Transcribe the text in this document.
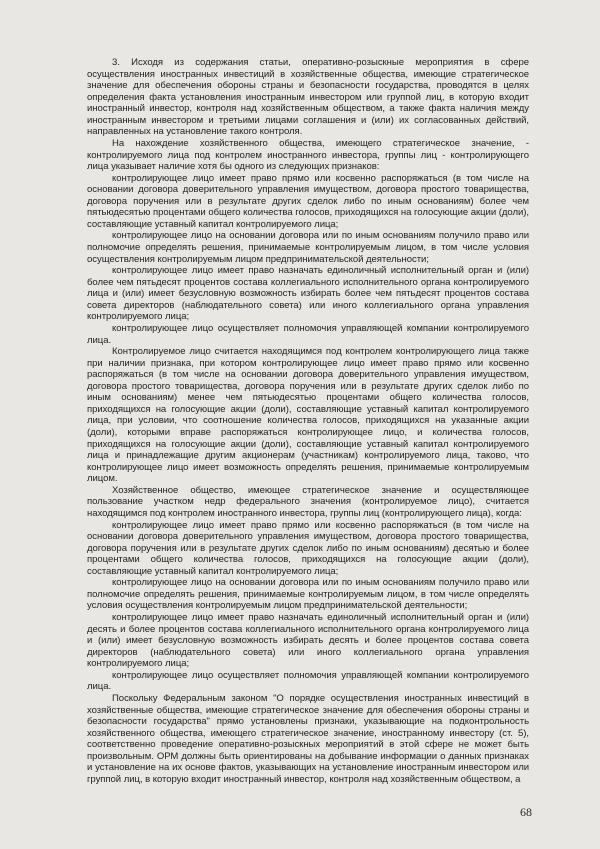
3. Исходя из содержания статьи, оперативно-розыскные мероприятия в сфере осуществления иностранных инвестиций в хозяйственные общества, имеющие стратегическое значение для обеспечения обороны страны и безопасности государства, проводятся в целях определения факта установления иностранным инвестором или группой лиц, в которую входит иностранный инвестор, контроля над хозяйственным обществом, а также факта наличия между иностранным инвестором и третьими лицами соглашения и (или) их согласованных действий, направленных на установление такого контроля.

На нахождение хозяйственного общества, имеющего стратегическое значение, - контролируемого лица под контролем иностранного инвестора, группы лиц - контролирующего лица указывает наличие хотя бы одного из следующих признаков:

контролирующее лицо имеет право прямо или косвенно распоряжаться (в том числе на основании договора доверительного управления имуществом, договора простого товарищества, договора поручения или в результате других сделок либо по иным основаниям) более чем пятьюдесятью процентами общего количества голосов, приходящихся на голосующие акции (доли), составляющие уставный капитал контролируемого лица;

контролирующее лицо на основании договора или по иным основаниям получило право или полномочие определять решения, принимаемые контролируемым лицом, в том числе условия осуществления контролируемым лицом предпринимательской деятельности;

контролирующее лицо имеет право назначать единоличный исполнительный орган и (или) более чем пятьдесят процентов состава коллегиального исполнительного органа контролируемого лица и (или) имеет безусловную возможность избирать более чем пятьдесят процентов состава совета директоров (наблюдательного совета) или иного коллегиального органа управления контролируемого лица;

контролирующее лицо осуществляет полномочия управляющей компании контролируемого лица.

Контролируемое лицо считается находящимся под контролем контролирующего лица также при наличии признака, при котором контролирующее лицо имеет право прямо или косвенно распоряжаться (в том числе на основании договора доверительного управления имуществом, договора простого товарищества, договора поручения или в результате других сделок либо по иным основаниям) менее чем пятьюдесятью процентами общего количества голосов, приходящихся на голосующие акции (доли), составляющие уставный капитал контролируемого лица, при условии, что соотношение количества голосов, приходящихся на указанные акции (доли), которыми вправе распоряжаться контролирующее лицо, и количества голосов, приходящихся на голосующие акции (доли), составляющие уставный капитал контролируемого лица и принадлежащие другим акционерам (участникам) контролируемого лица, таково, что контролирующее лицо имеет возможность определять решения, принимаемые контролируемым лицом.

Хозяйственное общество, имеющее стратегическое значение и осуществляющее пользование участком недр федерального значения (контролируемое лицо), считается находящимся под контролем иностранного инвестора, группы лиц (контролирующего лица), когда:

контролирующее лицо имеет право прямо или косвенно распоряжаться (в том числе на основании договора доверительного управления имуществом, договора простого товарищества, договора поручения или в результате других сделок либо по иным основаниям) десятью и более процентами общего количества голосов, приходящихся на голосующие акции (доли), составляющие уставный капитал контролируемого лица;

контролирующее лицо на основании договора или по иным основаниям получило право или полномочие определять решения, принимаемые контролируемым лицом, в том числе определять условия осуществления контролируемым лицом предпринимательской деятельности;

контролирующее лицо имеет право назначать единоличный исполнительный орган и (или) десять и более процентов состава коллегиального исполнительного органа контролируемого лица и (или) имеет безусловную возможность избирать десять и более процентов состава совета директоров (наблюдательного совета) или иного коллегиального органа управления контролируемого лица;

контролирующее лицо осуществляет полномочия управляющей компании контролируемого лица.

Поскольку Федеральным законом "О порядке осуществления иностранных инвестиций в хозяйственные общества, имеющие стратегическое значение для обеспечения обороны страны и безопасности государства" прямо установлены признаки, указывающие на подконтрольность хозяйственного общества, имеющего стратегическое значение, иностранному инвестору (ст. 5), соответственно проведение оперативно-розыскных мероприятий в этой сфере не может быть произвольным. ОРМ должны быть ориентированы на добывание информации о данных признаках и установление на их основе фактов, указывающих на установление иностранным инвестором или группой лиц, в которую входит иностранный инвестор, контроля над хозяйственным обществом, а

68
